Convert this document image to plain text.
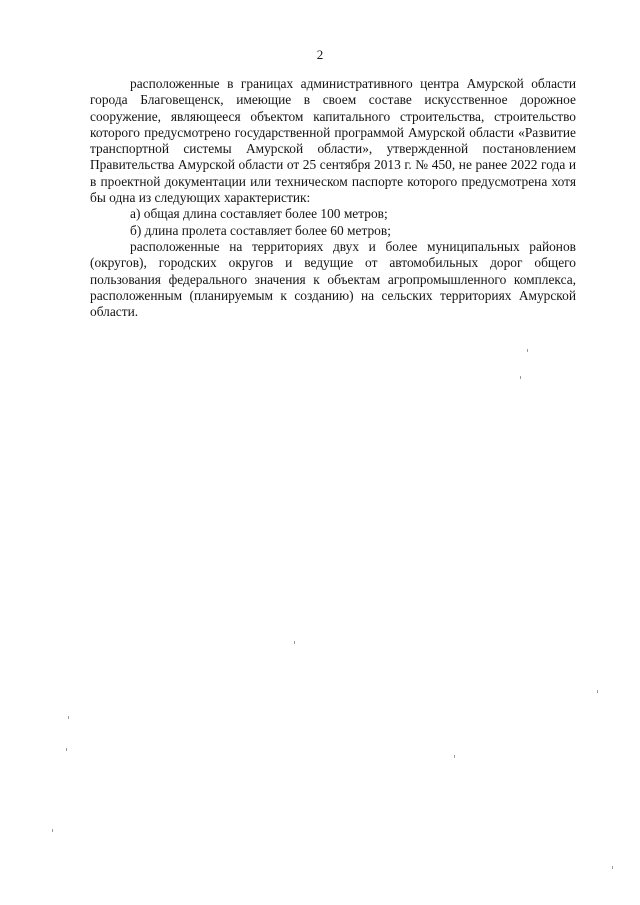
2

расположенные в границах административного центра Амурской области города Благовещенск, имеющие в своем составе искусственное дорожное сооружение, являющееся объектом капитального строительства, строительство которого предусмотрено государственной программой Амурской области «Развитие транспортной системы Амурской области», утвержденной постановлением Правительства Амурской области от 25 сентября 2013 г. № 450, не ранее 2022 года и в проектной документации или техническом паспорте которого предусмотрена хотя бы одна из следующих характеристик:

а) общая длина составляет более 100 метров;

б) длина пролета составляет более 60 метров;

расположенные на территориях двух и более муниципальных районов (округов), городских округов и ведущие от автомобильных дорог общего пользования федерального значения к объектам агропромышленного комплекса, расположенным (планируемым к созданию) на сельских территориях Амурской области.
